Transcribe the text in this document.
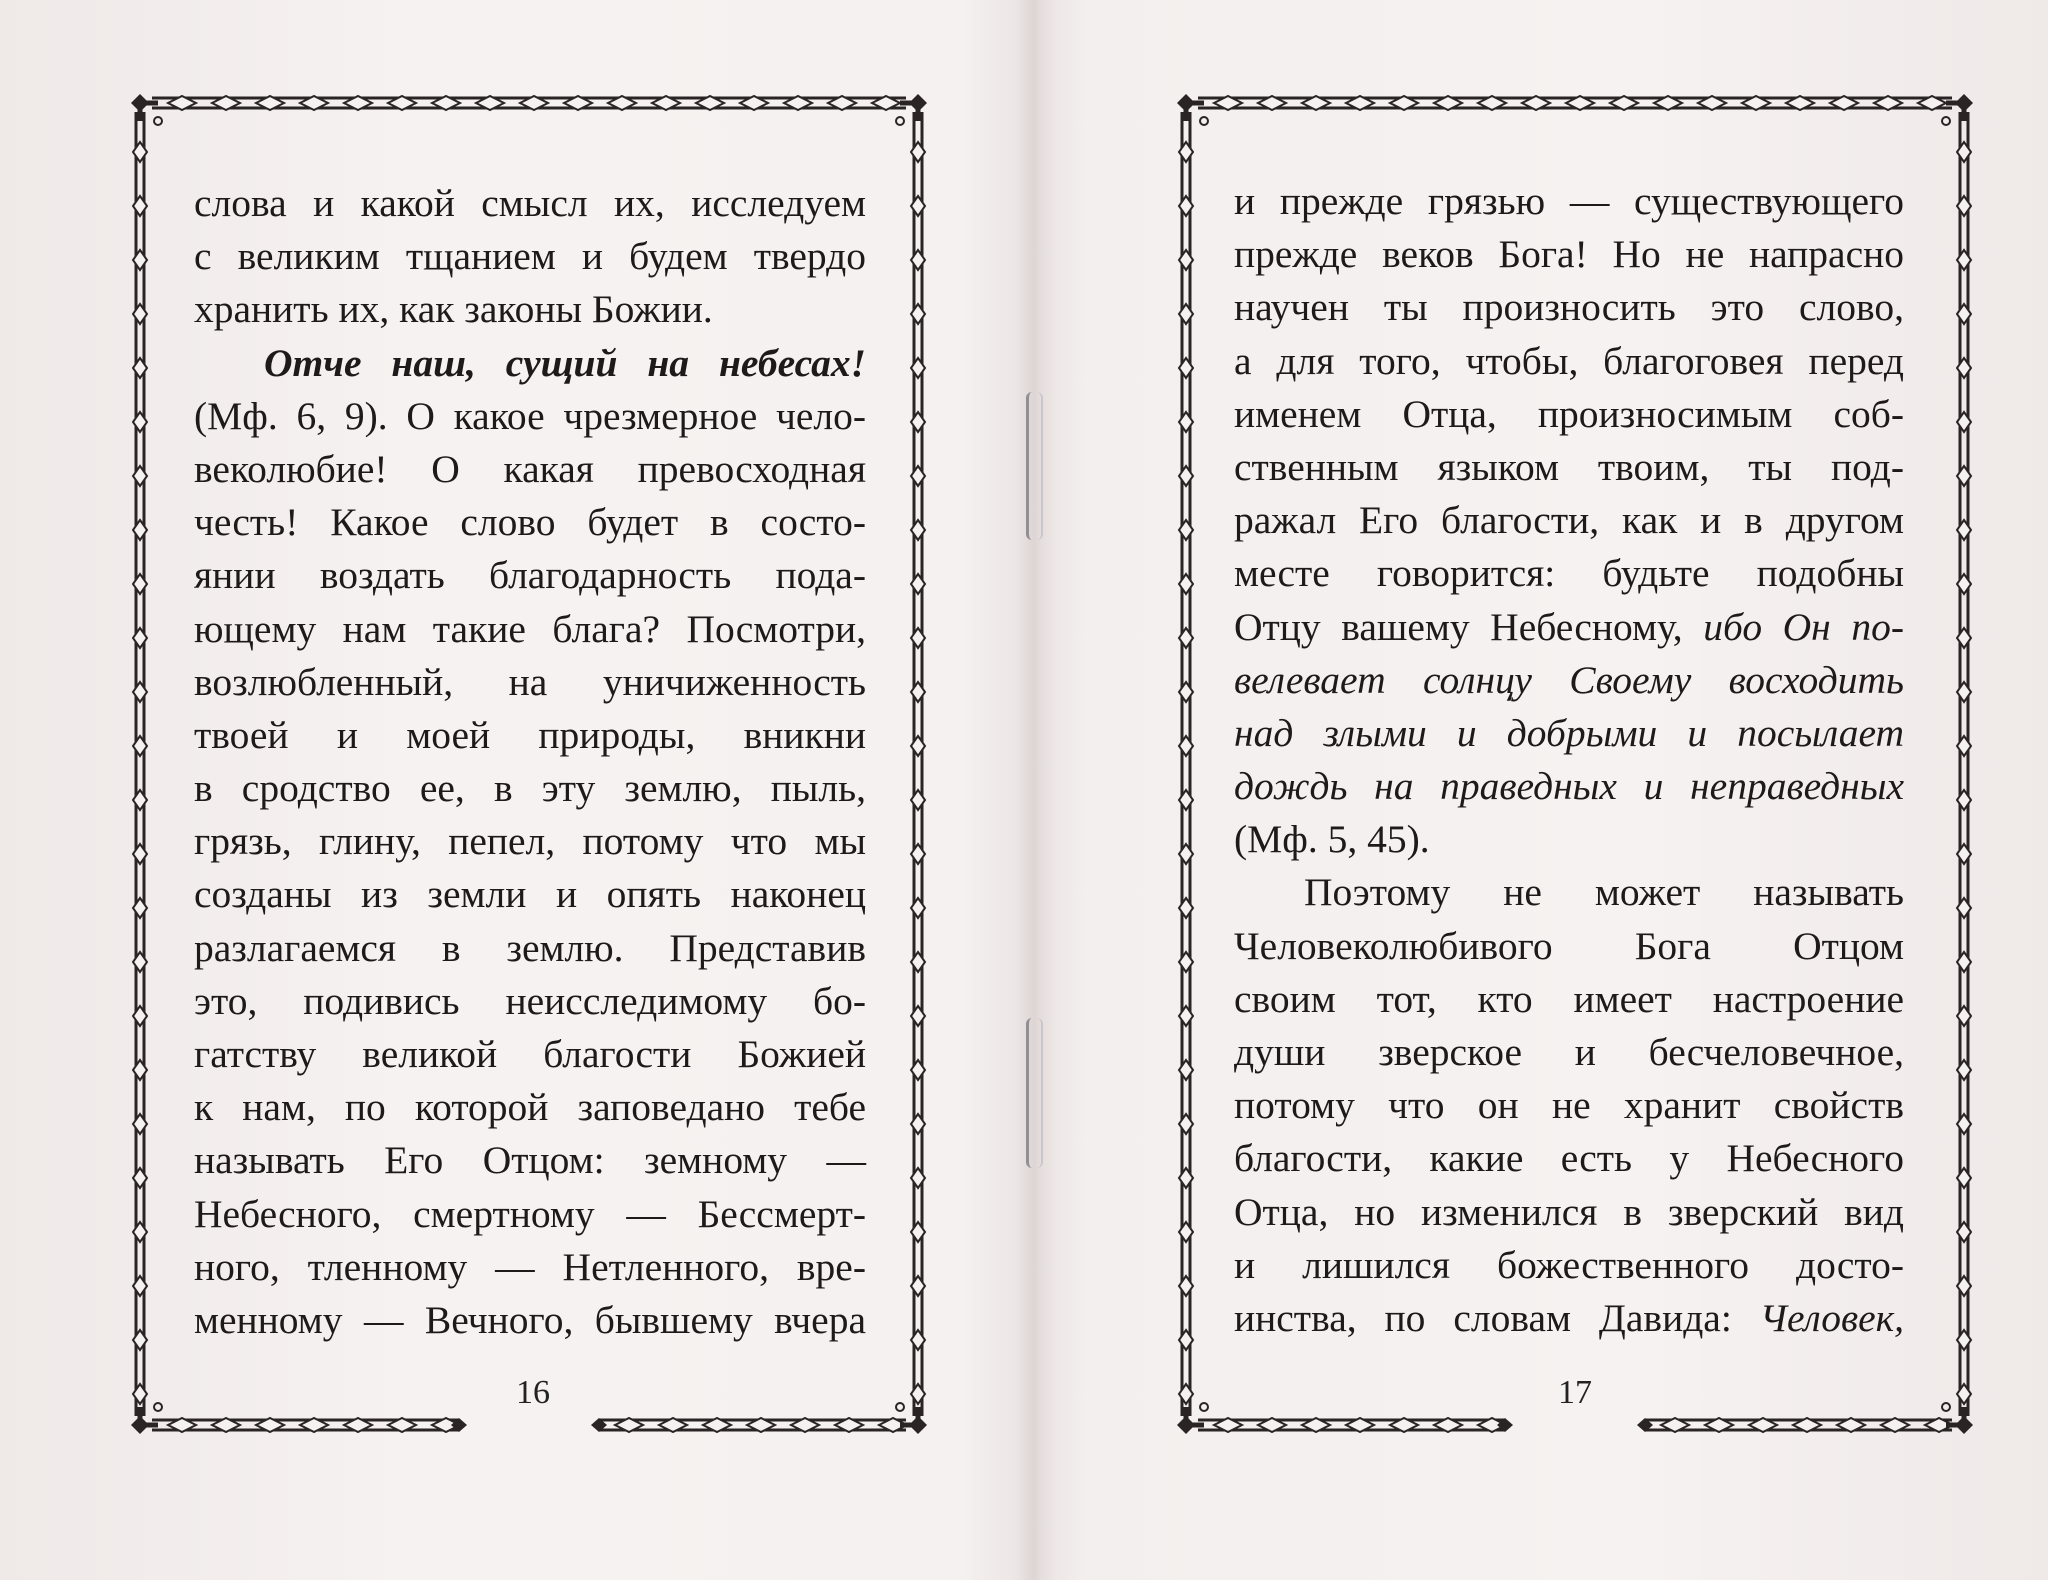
слова и какой смысл их, исследуем
с великим тщанием и будем твердо
хранить их, как законы Божии.
Отче наш, сущий на небесах!
(Мф. 6, 9). О какое чрезмерное чело-
веколюбие! О какая превосходная
честь! Какое слово будет в состо-
янии воздать благодарность пода-
ющему нам такие блага? Посмотри,
возлюбленный, на уничиженность
твоей и моей природы, вникни
в сродство ее, в эту землю, пыль,
грязь, глину, пепел, потому что мы
созданы из земли и опять наконец
разлагаемся в землю. Представив
это, подивись неисследимому бо-
гатству великой благости Божией
к нам, по которой заповедано тебе
называть Его Отцом: земному —
Небесного, смертному — Бессмерт-
ного, тленному — Нетленного, вре-
менному — Вечного, бывшему вчера
16
и прежде грязью — существующего
прежде веков Бога! Но не напрасно
научен ты произносить это слово,
а для того, чтобы, благоговея перед
именем Отца, произносимым соб-
ственным языком твоим, ты под-
ражал Его благости, как и в другом
месте говорится: будьте подобны
Отцу вашему Небесному, ибо Он по-
велевает солнцу Своему восходить
над злыми и добрыми и посылает
дождь на праведных и неправедных
(Мф. 5, 45).
Поэтому не может называть
Человеколюбивого Бога Отцом
своим тот, кто имеет настроение
души зверское и бесчеловечное,
потому что он не хранит свойств
благости, какие есть у Небесного
Отца, но изменился в зверский вид
и лишился божественного досто-
инства, по словам Давида: Человек,
17
